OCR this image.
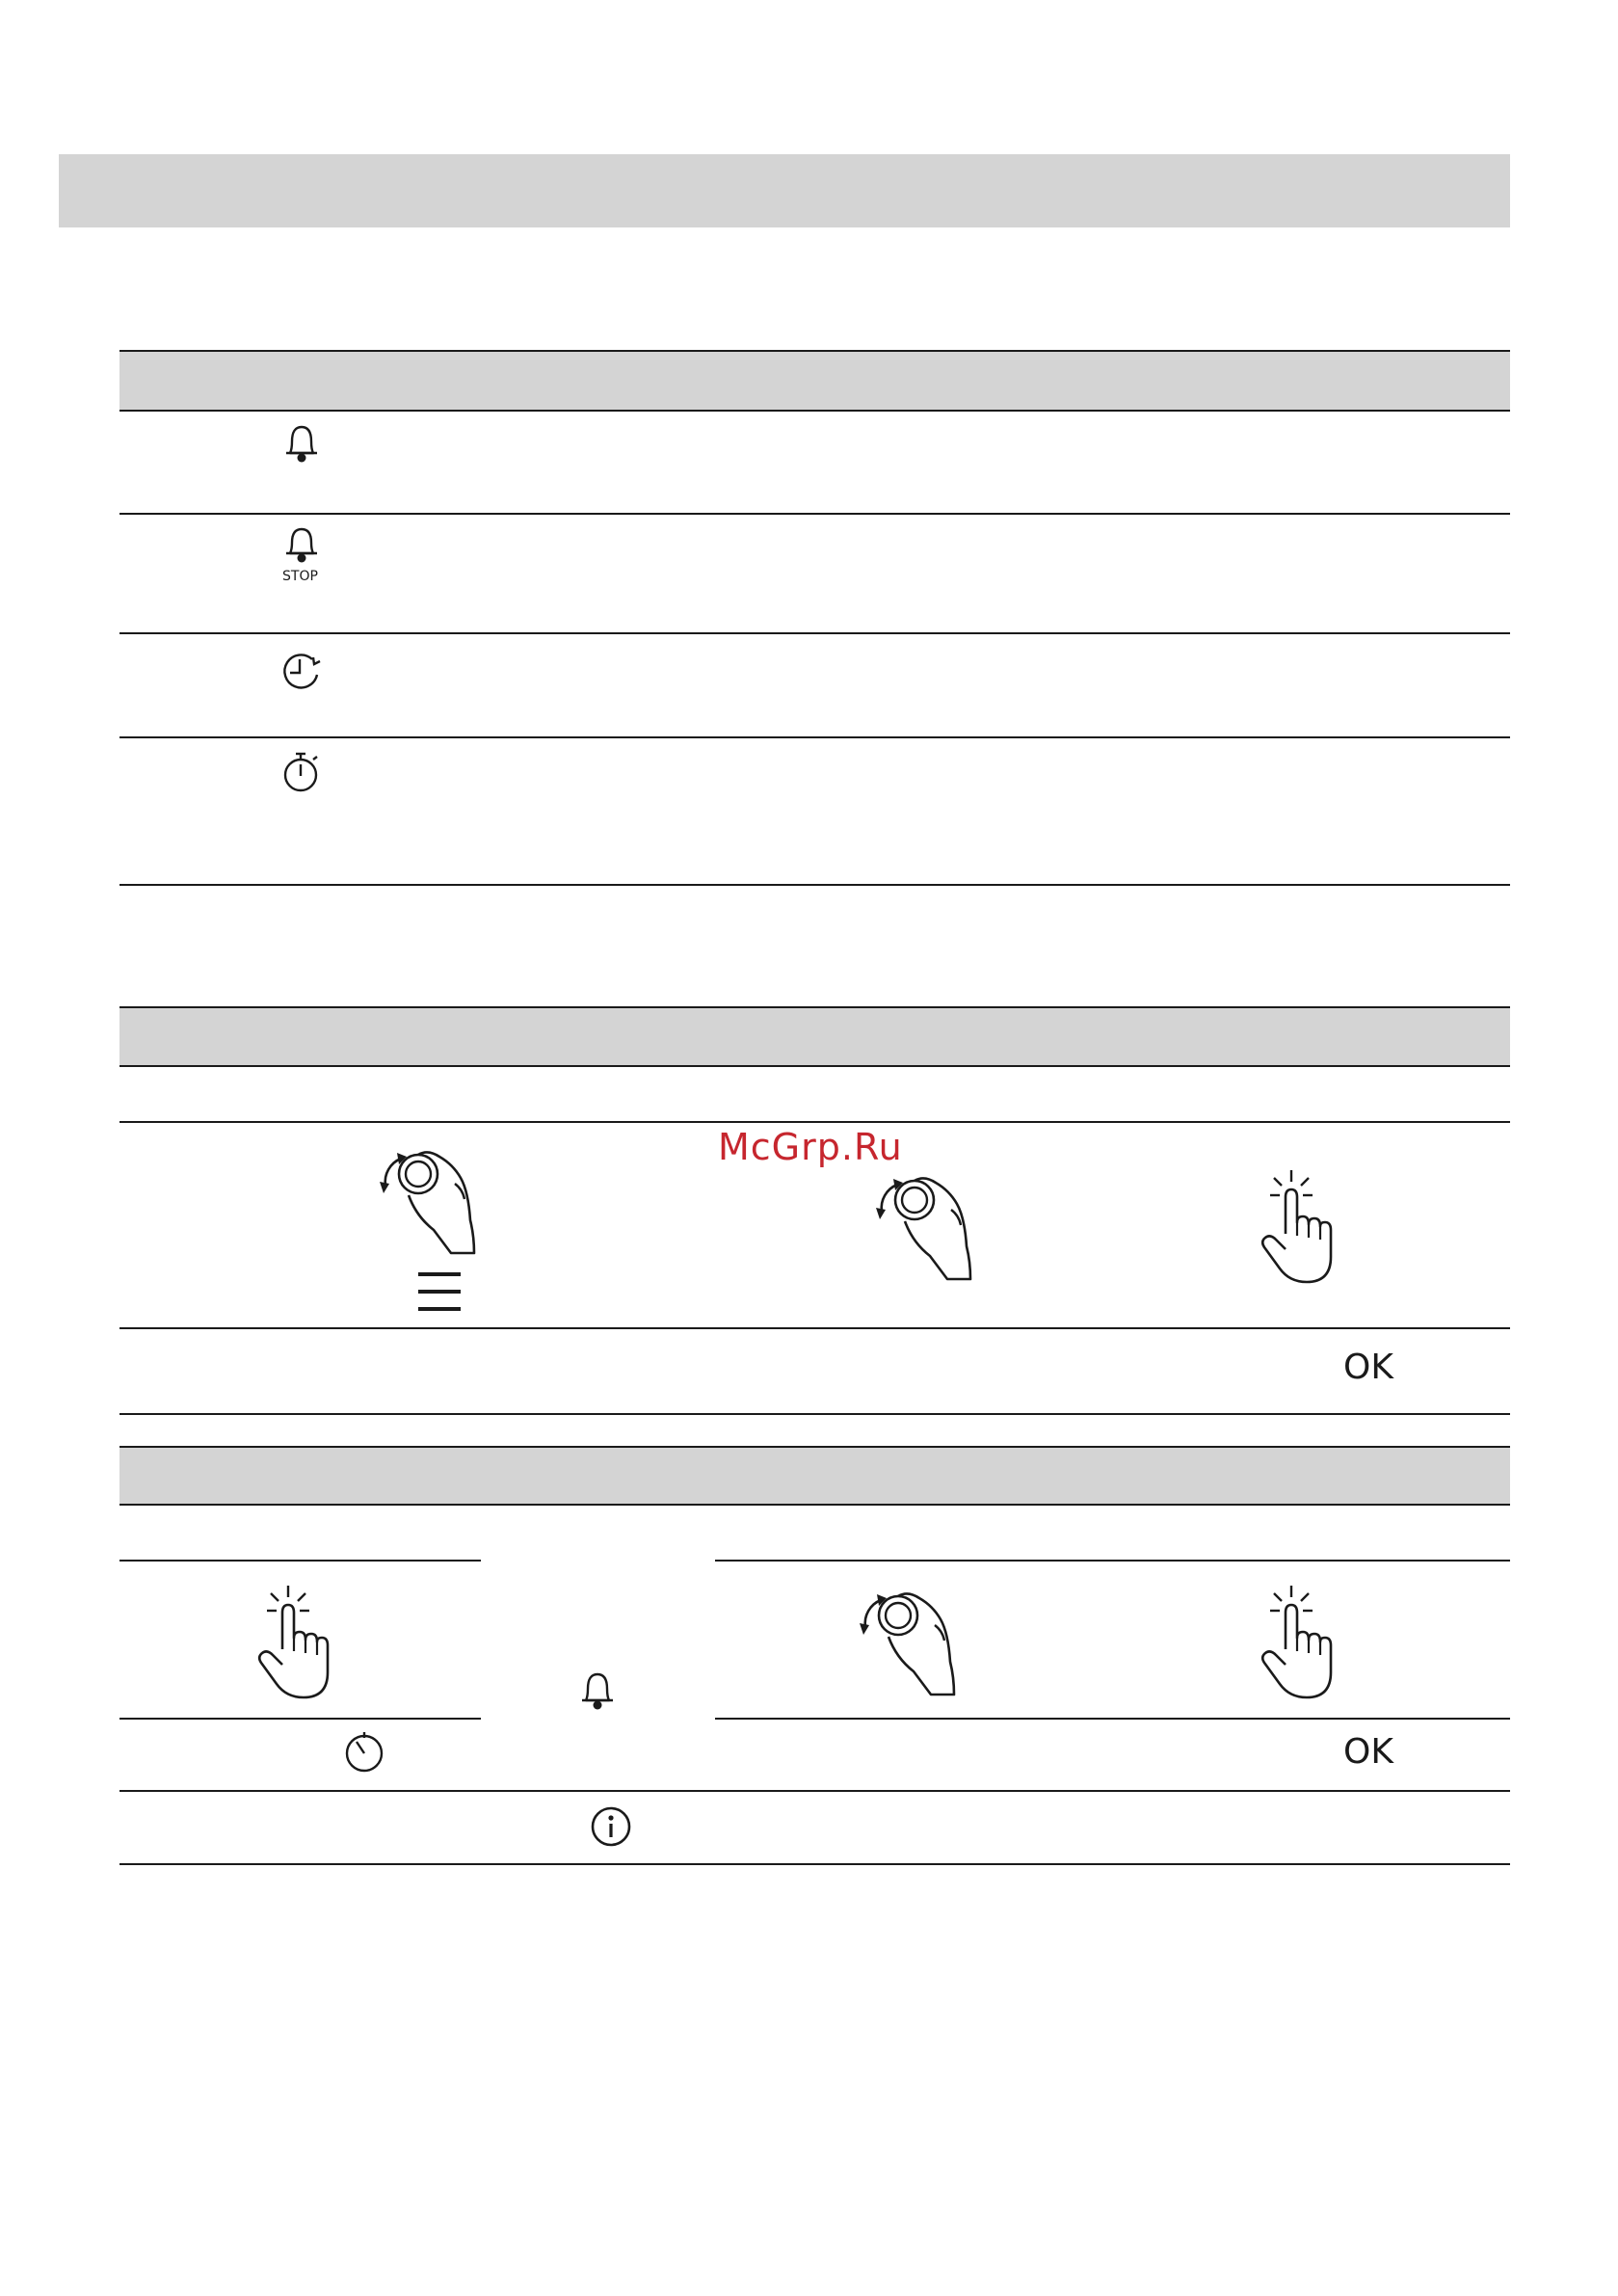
STOP
McGrp.Ru
OK
OK
